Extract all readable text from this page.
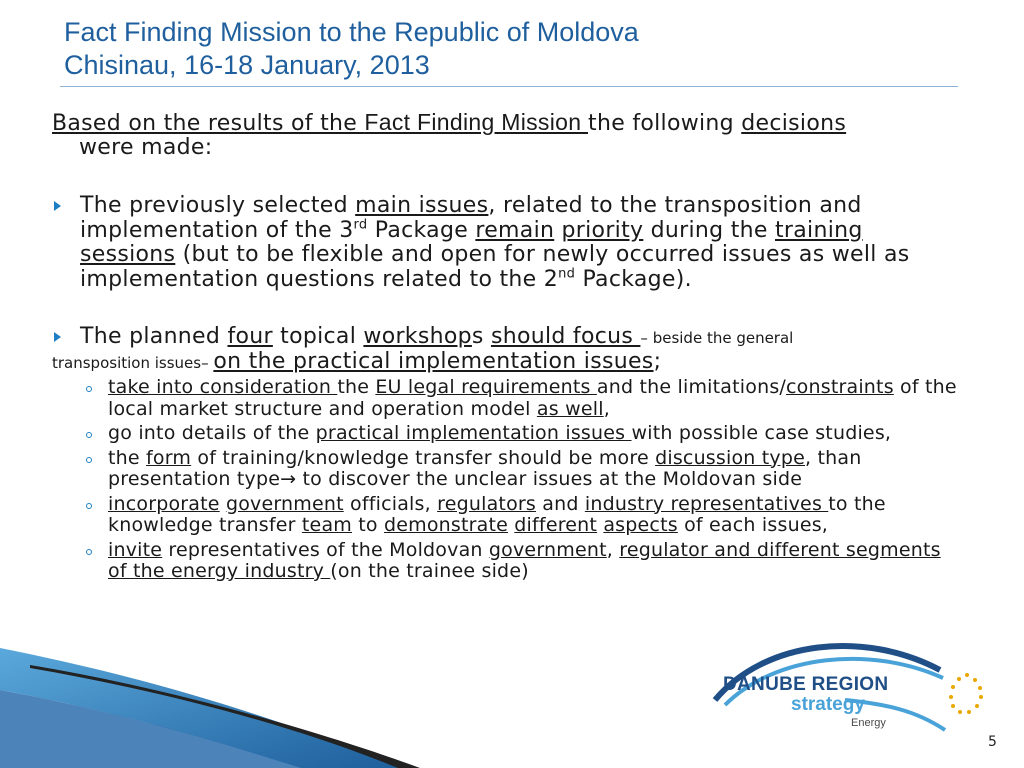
Fact Finding Mission to the Republic of Moldova
Chisinau, 16-18 January, 2013

Based on the results of the Fact Finding Mission the following decisions
were made:

The previously selected main issues, related to the transposition and implementation of the 3rd Package remain priority during the training sessions (but to be flexible and open for newly occurred issues as well as implementation questions related to the 2nd Package).

The planned four topical workshops should focus – beside the general
transposition issues– on the practical implementation issues;
take into consideration the EU legal requirements and the limitations/constraints of the local market structure and operation model as well,
go into details of the practical implementation issues with possible case studies,
the form of training/knowledge transfer should be more discussion type, than presentation type→ to discover the unclear issues at the Moldovan side
incorporate government officials, regulators and industry representatives to the knowledge transfer team to demonstrate different aspects of each issues,
invite representatives of the Moldovan government, regulator and different segments of the energy industry (on the trainee side)
DANUBE REGION
strategy
Energy
5
